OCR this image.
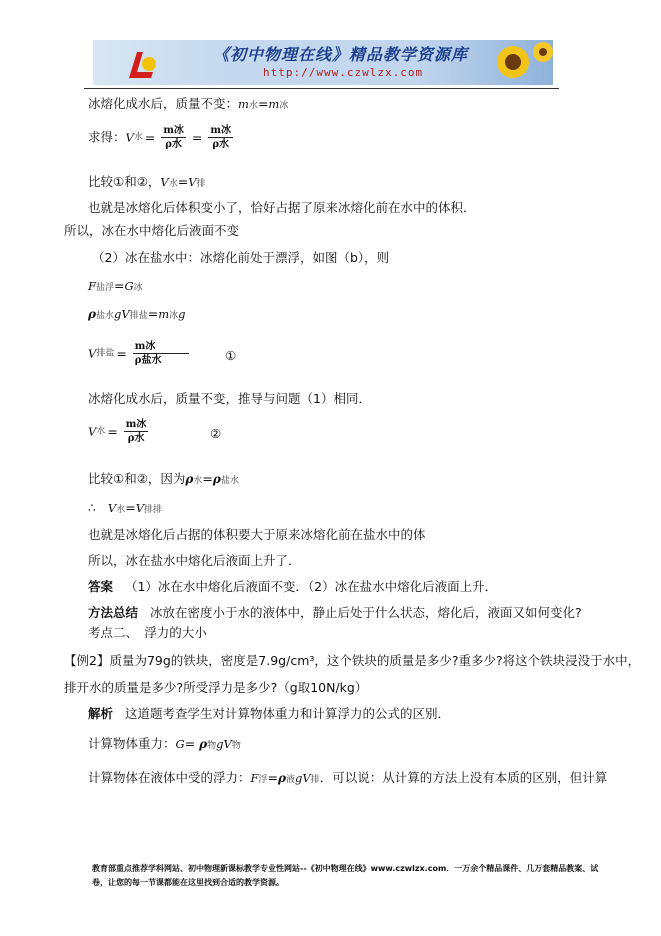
《初中物理在线》精品教学资源库
http://www.czwlzx.com
冰熔化成水后，质量不变：m水=m冰
求得：V水 = $\frac{\text{m冰}}{\text{ρ水}} = \frac{\text{m冰}}{\text{ρ水}}$
比较①和②，V水=V排
也就是冰熔化后体积变小了，恰好占据了原来冰熔化前在水中的体积．
所以，冰在水中熔化后液面不变
（2）冰在盐水中：冰熔化前处于漂浮，如图（b），则
F盐浮=G冰
ρ盐水gV排盐=m冰g
V排盐 = $\frac{\text{m冰}}{\text{ρ盐水}}$	①
冰熔化成水后，质量不变，推导与问题（1）相同．
V水 = $\frac{\text{m冰}}{\text{ρ水}}$	②
比较①和②，因为ρ水=ρ盐水
∴ V水=V排排
也就是冰熔化后占据的体积要大于原来冰熔化前在盐水中的体
所以，冰在盐水中熔化后液面上升了．
答案 （1）冰在水中熔化后液面不变．（2）冰在盐水中熔化后液面上升．
方法总结 冰放在密度小于水的液体中，静止后处于什么状态，熔化后，液面又如何变化?
考点二、　浮力的大小
【例2】质量为79g的铁块，密度是7.9g/cm³，这个铁块的质量是多少?重多少?将这个铁块浸没于水中，
排开水的质量是多少?所受浮力是多少?（g取10N/kg）
解析 这道题考查学生对计算物体重力和计算浮力的公式的区别．
计算物体重力：G= ρ物gV物
计算物体在液体中受的浮力：F浮=ρ液gV排．可以说：从计算的方法上没有本质的区别，但计算
教育部重点推荐学科网站、初中物理新课标教学专业性网站--《初中物理在线》www.czwlzx.com．一万余个精品课件、几万套精品教案、试卷，让您的每一节课都能在这里找到合适的教学资源。
